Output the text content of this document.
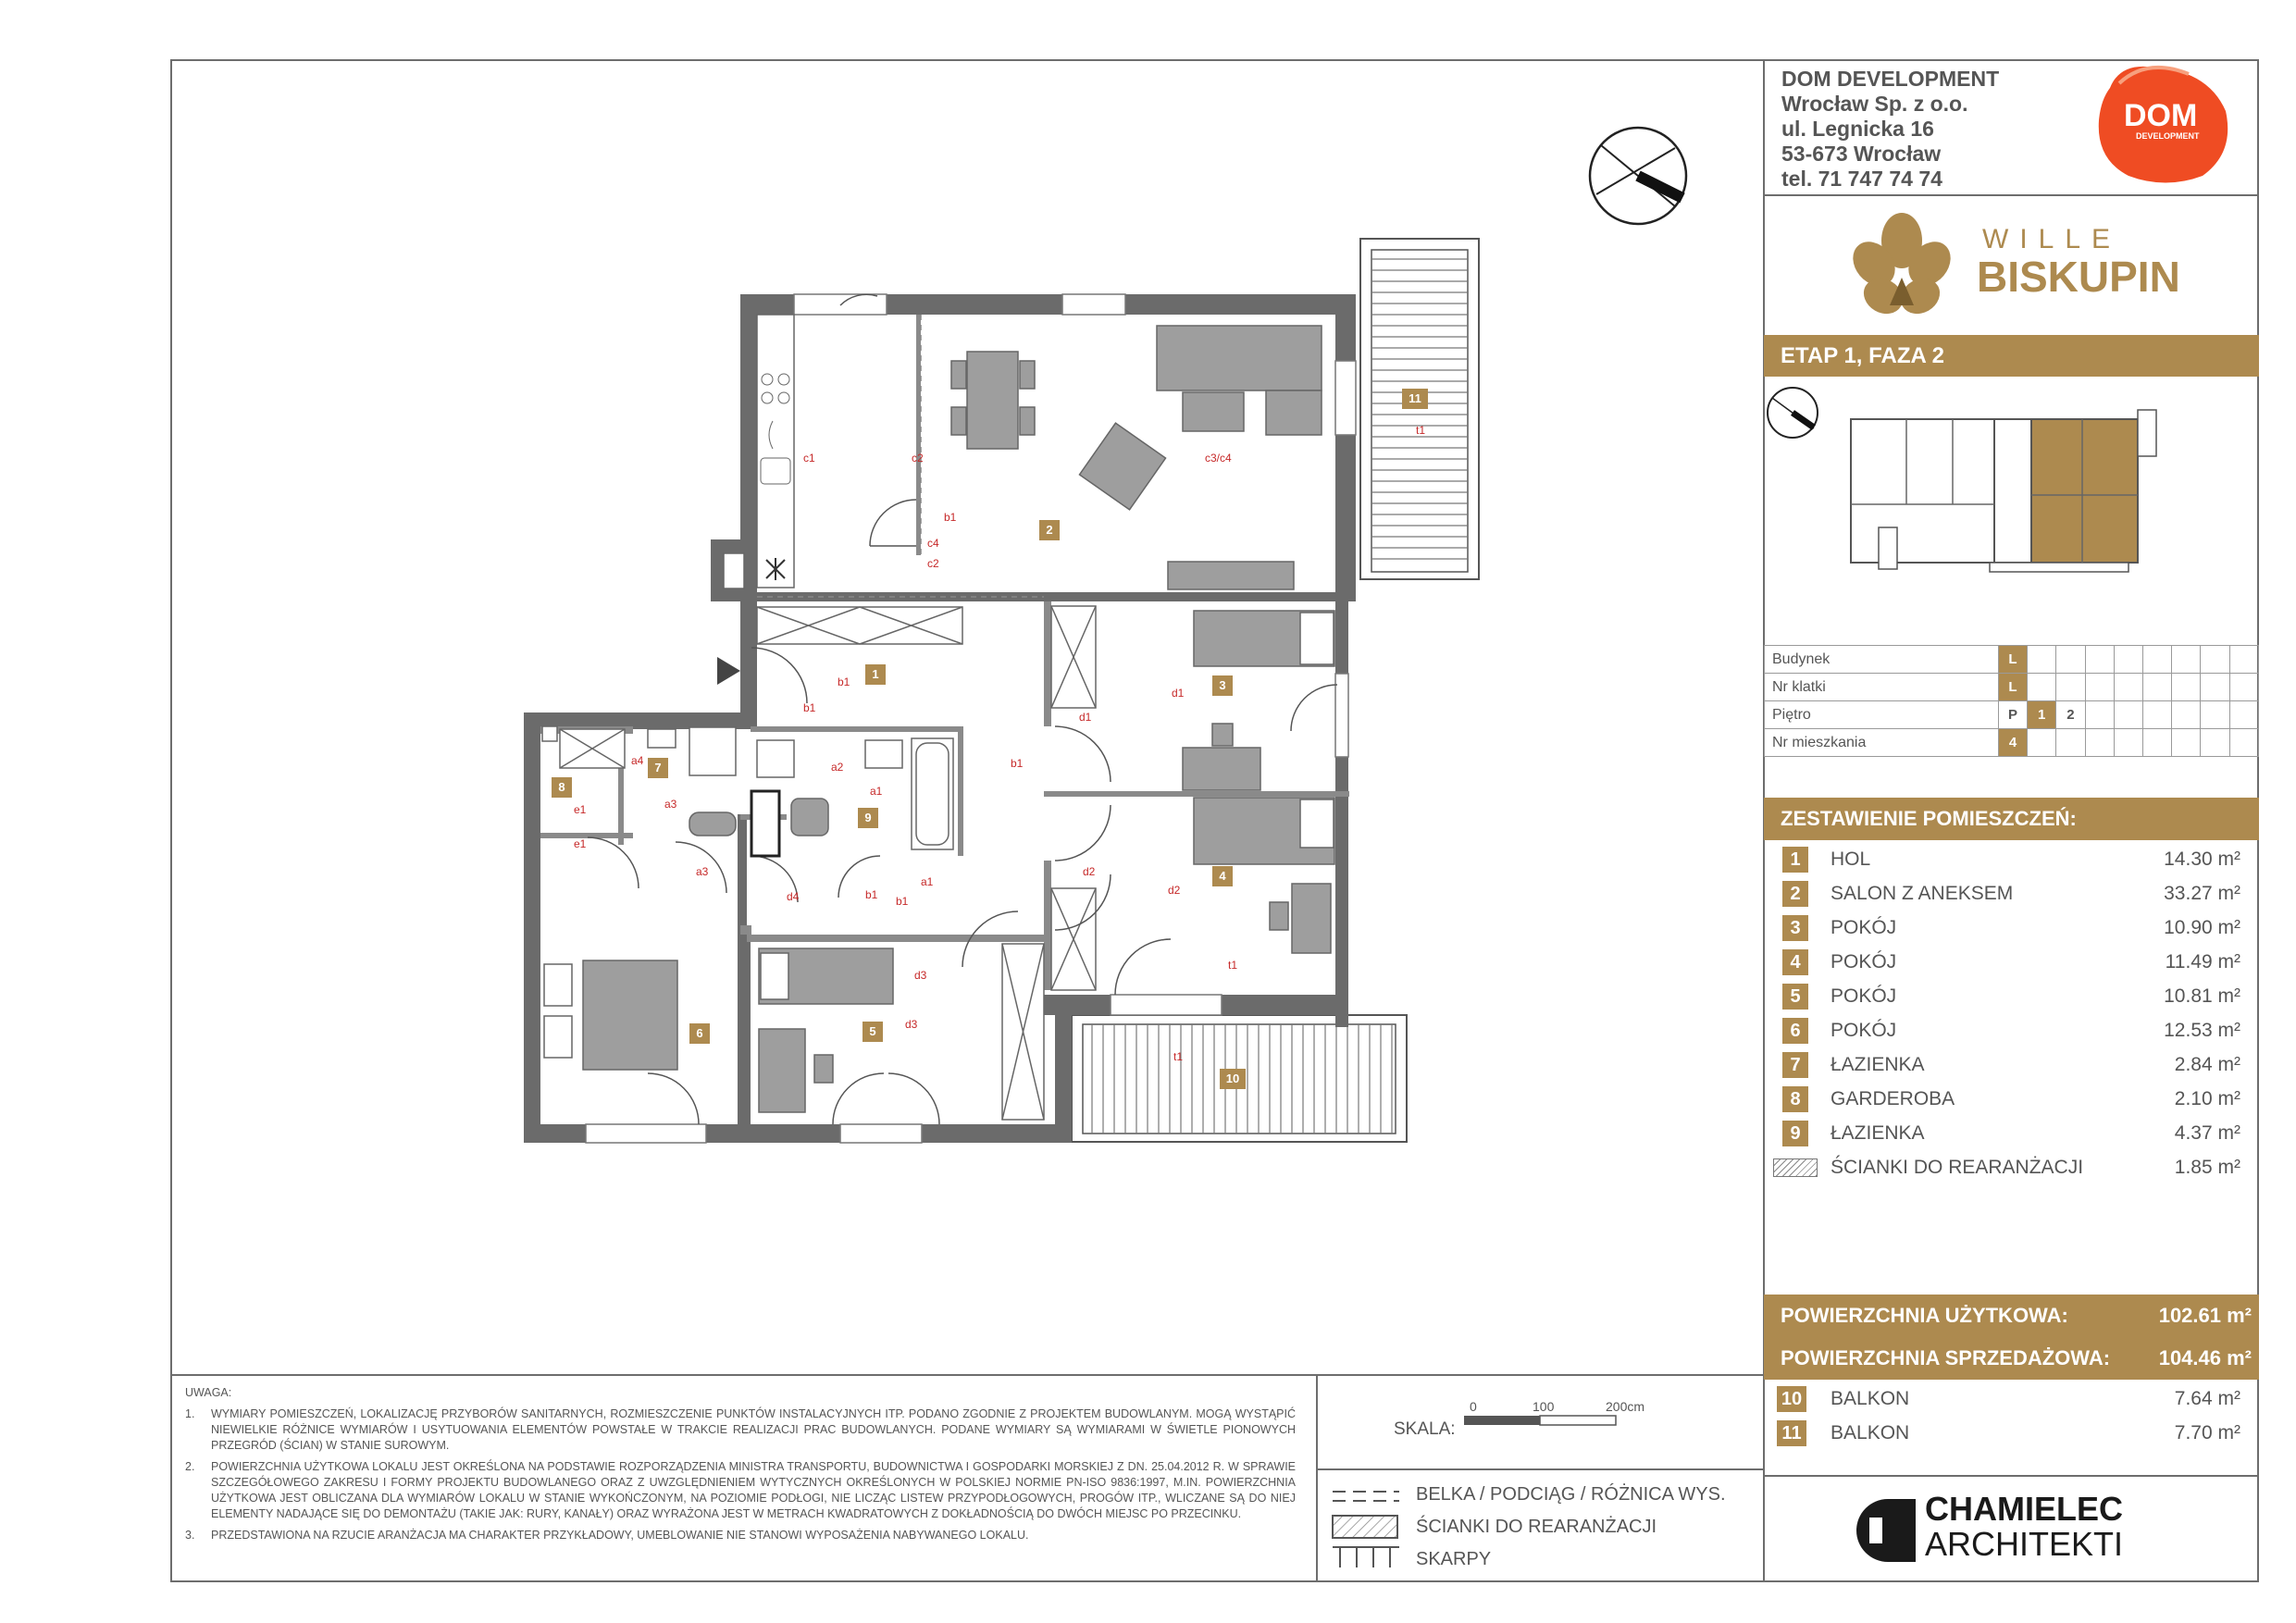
1
2
3
4
5
6
7
8
9
10
11
c1	c2	c3/c4
b1
c4
c2
b1
b1
b1
d1
d1
a4	a2
a1
a3
e1
e1
a3
d4	b1 b1
a1
d2
d2
t1
d3
d3
t1
t1
DOM DEVELOPMENT
Wrocław Sp. z o.o.
ul. Legnicka 16
53-673 Wrocław
tel. 71 747 74 74
DOM
DEVELOPMENT
WILLE
BISKUPIN
ETAP 1, FAZA 2
Budynek	L								
Nr klatki	L								
Piętro	P	1	2						
Nr mieszkania	4								
ZESTAWIENIE POMIESZCZEŃ:
1	HOL	14.30 m²
2	SALON Z ANEKSEM	33.27 m²
3	POKÓJ	10.90 m²
4	POKÓJ	11.49 m²
5	POKÓJ	10.81 m²
6	POKÓJ	12.53 m²
7	ŁAZIENKA	2.84 m²
8	GARDEROBA	2.10 m²
9	ŁAZIENKA	4.37 m²
ŚCIANKI DO REARANŻACJI	1.85 m²
POWIERZCHNIA UŻYTKOWA:	102.61 m²
POWIERZCHNIA SPRZEDAŻOWA: 104.46 m²
10 BALKON	7.64 m²
11 BALKON	7.70 m²
UWAGA:
1. WYMIARY POMIESZCZEŃ, LOKALIZACJĘ PRZYBORÓW SANITARNYCH, ROZMIESZCZENIE PUNKTÓW INSTALACYJNYCH ITP. PODANO ZGODNIE Z PROJEKTEM BUDOWLANYM. MOGĄ WYSTĄPIĆ NIEWIELKIE RÓŻNICE WYMIARÓW I USYTUOWANIA ELEMENTÓW POWSTAŁE W TRAKCIE REALIZACJI PRAC BUDOWLANYCH. PODANE WYMIARY SĄ WYMIARAMI W ŚWIETLE PIONOWYCH PRZEGRÓD (ŚCIAN) W STANIE SUROWYM.
2. POWIERZCHNIA UŻYTKOWA LOKALU JEST OKREŚLONA NA PODSTAWIE ROZPORZĄDZENIA MINISTRA TRANSPORTU, BUDOWNICTWA I GOSPODARKI MORSKIEJ Z DN. 25.04.2012 R. W SPRAWIE SZCZEGÓŁOWEGO ZAKRESU I FORMY PROJEKTU BUDOWLANEGO ORAZ Z UWZGLĘDNIENIEM WYTYCZNYCH OKREŚLONYCH W POLSKIEJ NORMIE PN-ISO 9836:1997, M.IN. POWIERZCHNIA UŻYTKOWA JEST OBLICZANA DLA WYMIARÓW LOKALU W STANIE WYKOŃCZONYM, NA POZIOMIE PODŁOGI, NIE LICZĄC LISTEW PRZYPODŁOGOWYCH, PROGÓW ITP., WLICZANE SĄ DO NIEJ ELEMENTY NADAJĄCE SIĘ DO DEMONTAŻU (TAKIE JAK: RURY, KANAŁY) ORAZ WYRAŻONA JEST W METRACH KWADRATOWYCH Z DOKŁADNOŚCIĄ DO DWÓCH MIEJSC PO PRZECINKU.
3. PRZEDSTAWIONA NA RZUCIE ARANŻACJA MA CHARAKTER PRZYKŁADOWY, UMEBLOWANIE NIE STANOWI WYPOSAŻENIA NABYWANEGO LOKALU.
SKALA:
0	100	200cm
BELKA / PODCIĄG / RÓŻNICA WYS.
ŚCIANKI DO REARANŻACJI
SKARPY
CHAMIELEC
ARCHITEKTI
